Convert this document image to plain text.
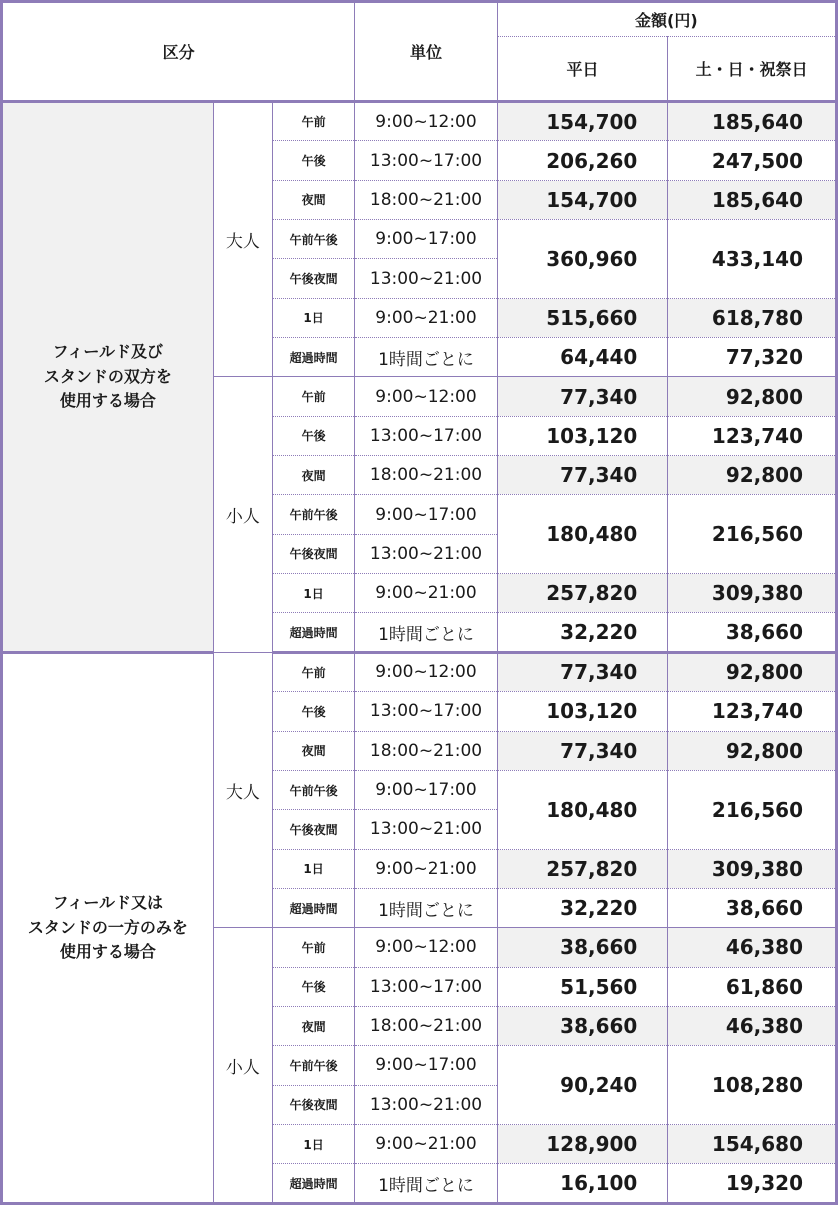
区分			単位	金額(円)	
				平日	土・日・祝祭日

フィールド及び
スタンドの双方を
使用する場合	大人	午前	9:00~12:00	154,700	185,640
		午後	13:00~17:00	206,260	247,500
		夜間	18:00~21:00	154,700	185,640
		午前午後	9:00~17:00	360,960	433,140
		午後夜間	13:00~21:00		
		1日	9:00~21:00	515,660	618,780
		超過時間	1時間ごとに	64,440	77,320
	小人	午前	9:00~12:00	77,340	92,800
		午後	13:00~17:00	103,120	123,740
		夜間	18:00~21:00	77,340	92,800
		午前午後	9:00~17:00	180,480	216,560
		午後夜間	13:00~21:00		
		1日	9:00~21:00	257,820	309,380
		超過時間	1時間ごとに	32,220	38,660

フィールド又は
スタンドの一方のみを
使用する場合	大人	午前	9:00~12:00	77,340	92,800
		午後	13:00~17:00	103,120	123,740
		夜間	18:00~21:00	77,340	92,800
		午前午後	9:00~17:00	180,480	216,560
		午後夜間	13:00~21:00		
		1日	9:00~21:00	257,820	309,380
		超過時間	1時間ごとに	32,220	38,660
	小人	午前	9:00~12:00	38,660	46,380
		午後	13:00~17:00	51,560	61,860
		夜間	18:00~21:00	38,660	46,380
		午前午後	9:00~17:00	90,240	108,280
		午後夜間	13:00~21:00		
		1日	9:00~21:00	128,900	154,680
		超過時間	1時間ごとに	16,100	19,320
